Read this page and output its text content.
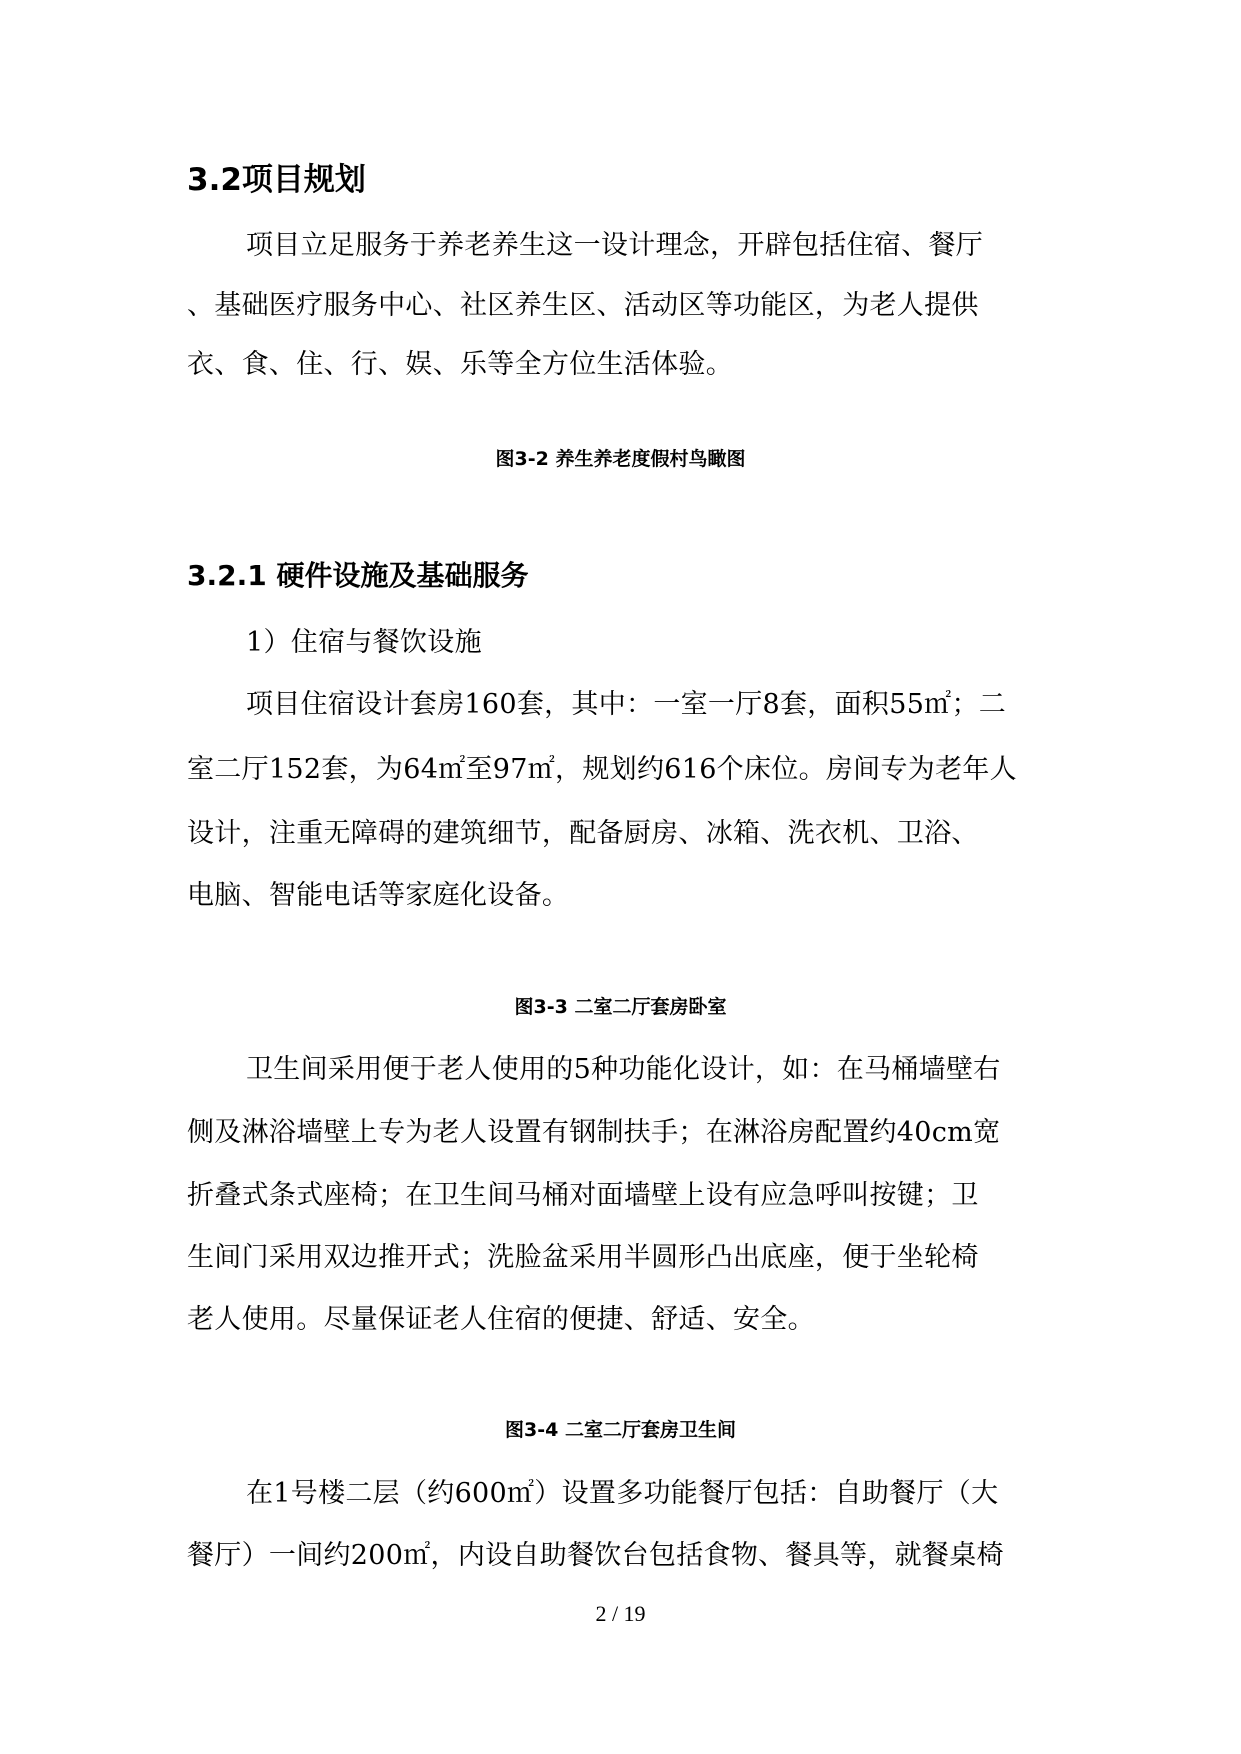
3.2项目规划
项目立足服务于养老养生这一设计理念，开辟包括住宿、餐厅
、基础医疗服务中心、社区养生区、活动区等功能区，为老人提供
衣、食、住、行、娱、乐等全方位生活体验。
图3-2 养生养老度假村鸟瞰图
3.2.1 硬件设施及基础服务
1）住宿与餐饮设施
项目住宿设计套房160套，其中：一室一厅8套，面积55㎡；二
室二厅152套，为64㎡至97㎡，规划约616个床位。房间专为老年人
设计，注重无障碍的建筑细节，配备厨房、冰箱、洗衣机、卫浴、
电脑、智能电话等家庭化设备。
图3-3 二室二厅套房卧室
卫生间采用便于老人使用的5种功能化设计，如：在马桶墙壁右
侧及淋浴墙壁上专为老人设置有钢制扶手；在淋浴房配置约40cm宽
折叠式条式座椅；在卫生间马桶对面墙壁上设有应急呼叫按键；卫
生间门采用双边推开式；洗脸盆采用半圆形凸出底座，便于坐轮椅
老人使用。尽量保证老人住宿的便捷、舒适、安全。
图3-4 二室二厅套房卫生间
在1号楼二层（约600㎡）设置多功能餐厅包括：自助餐厅（大
餐厅）一间约200㎡，内设自助餐饮台包括食物、餐具等，就餐桌椅
2 / 19
